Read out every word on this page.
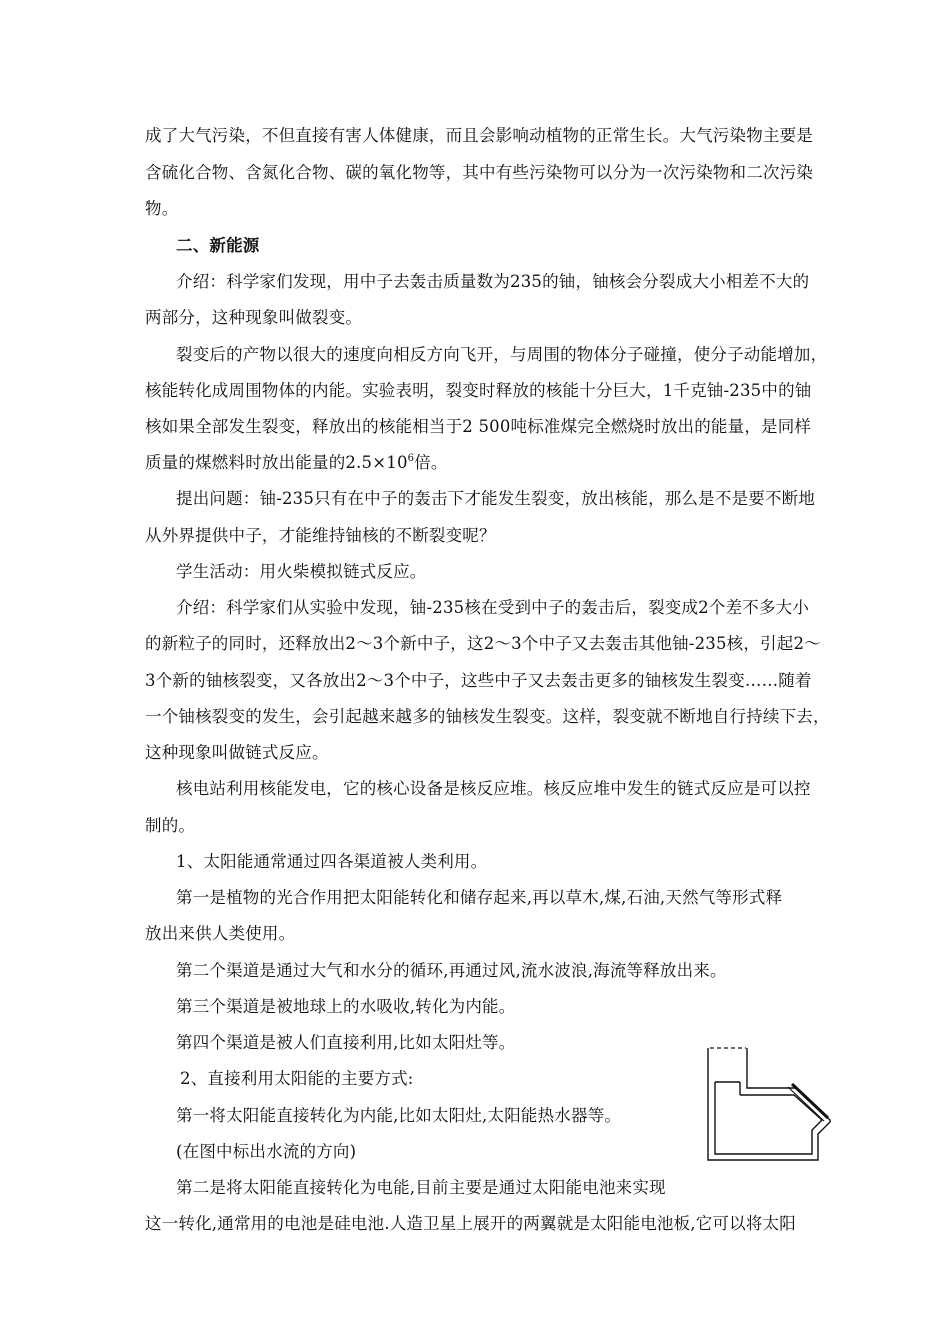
成了大气污染，不但直接有害人体健康，而且会影响动植物的正常生长。大气污染物主要是
含硫化合物、含氮化合物、碳的氧化物等，其中有些污染物可以分为一次污染物和二次污染
物。
二、新能源
介绍：科学家们发现，用中子去轰击质量数为235的铀，铀核会分裂成大小相差不大的
两部分，这种现象叫做裂变。
裂变后的产物以很大的速度向相反方向飞开，与周围的物体分子碰撞，使分子动能增加，
核能转化成周围物体的内能。实验表明，裂变时释放的核能十分巨大，1千克铀-235中的铀
核如果全部发生裂变，释放出的核能相当于2 500吨标准煤完全燃烧时放出的能量，是同样
质量的煤燃料时放出能量的$2.5\times 10^6$倍。
提出问题：铀-235只有在中子的轰击下才能发生裂变，放出核能，那么是不是要不断地
从外界提供中子，才能维持铀核的不断裂变呢？
学生活动：用火柴模拟链式反应。
介绍：科学家们从实验中发现，铀-235核在受到中子的轰击后，裂变成2个差不多大小
的新粒子的同时，还释放出2～3个新中子，这2～3个中子又去轰击其他铀-235核，引起2～
3个新的铀核裂变，又各放出2～3个中子，这些中子又去轰击更多的铀核发生裂变……随着
一个铀核裂变的发生，会引起越来越多的铀核发生裂变。这样，裂变就不断地自行持续下去，
这种现象叫做链式反应。
核电站利用核能发电，它的核心设备是核反应堆。核反应堆中发生的链式反应是可以控
制的。
1、太阳能通常通过四各渠道被人类利用。
第一是植物的光合作用把太阳能转化和储存起来,再以草木,煤,石油,天然气等形式释
放出来供人类使用。
第二个渠道是通过大气和水分的循环,再通过风,流水波浪,海流等释放出来。
第三个渠道是被地球上的水吸收,转化为内能。
第四个渠道是被人们直接利用,比如太阳灶等。
2、直接利用太阳能的主要方式:
第一将太阳能直接转化为内能,比如太阳灶,太阳能热水器等。
(在图中标出水流的方向)
第二是将太阳能直接转化为电能,目前主要是通过太阳能电池来实现
这一转化,通常用的电池是硅电池.人造卫星上展开的两翼就是太阳能电池板,它可以将太阳
